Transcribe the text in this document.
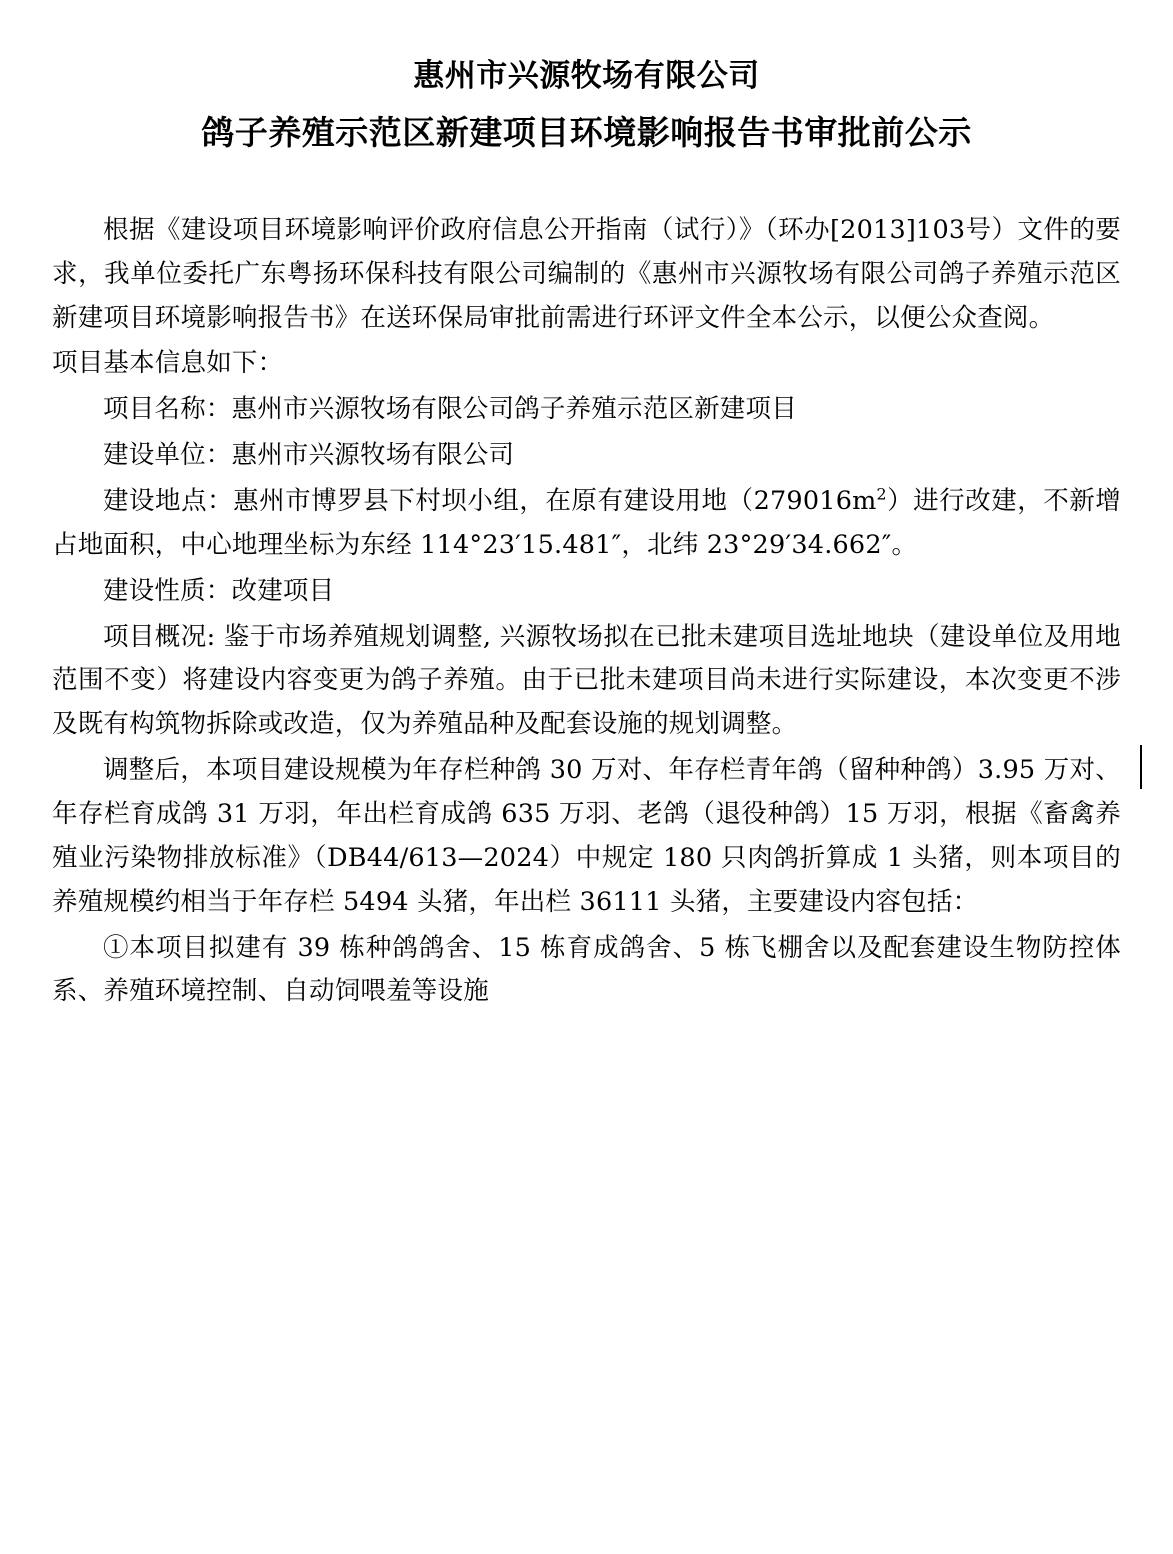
惠州市兴源牧场有限公司
鸽子养殖示范区新建项目环境影响报告书审批前公示

根据《建设项目环境影响评价政府信息公开指南（试行）》（环办[2013]103号）文件的要求，我单位委托广东粤扬环保科技有限公司编制的《惠州市兴源牧场有限公司鸽子养殖示范区新建项目环境影响报告书》在送环保局审批前需进行环评文件全本公示，以便公众查阅。

项目基本信息如下：

项目名称：惠州市兴源牧场有限公司鸽子养殖示范区新建项目

建设单位：惠州市兴源牧场有限公司

建设地点：惠州市博罗县下村坝小组，在原有建设用地$(279016m^2)$进行改建，不新增占地面积，中心地理坐标为东经 114°23′15.481″，北纬 23°29′34.662″。

建设性质：改建项目

项目概况: 鉴于市场养殖规划调整, 兴源牧场拟在已批未建项目选址地块（建设单位及用地范围不变）将建设内容变更为鸽子养殖。由于已批未建项目尚未进行实际建设，本次变更不涉及既有构筑物拆除或改造，仅为养殖品种及配套设施的规划调整。

调整后，本项目建设规模为年存栏种鸽 30 万对、年存栏青年鸽（留种种鸽）3.95 万对、年存栏育成鸽 31 万羽，年出栏育成鸽 635 万羽、老鸽（退役种鸽）15 万羽，根据《畜禽养殖业污染物排放标准》（DB44/613—2024）中规定 180 只肉鸽折算成 1 头猪，则本项目的养殖规模约相当于年存栏 5494 头猪，年出栏 36111 头猪，主要建设内容包括：

①本项目拟建有 39 栋种鸽鸽舍、15 栋育成鸽舍、5 栋飞棚舍以及配套建设生物防控体系、养殖环境控制、自动饲喂羞等设施
